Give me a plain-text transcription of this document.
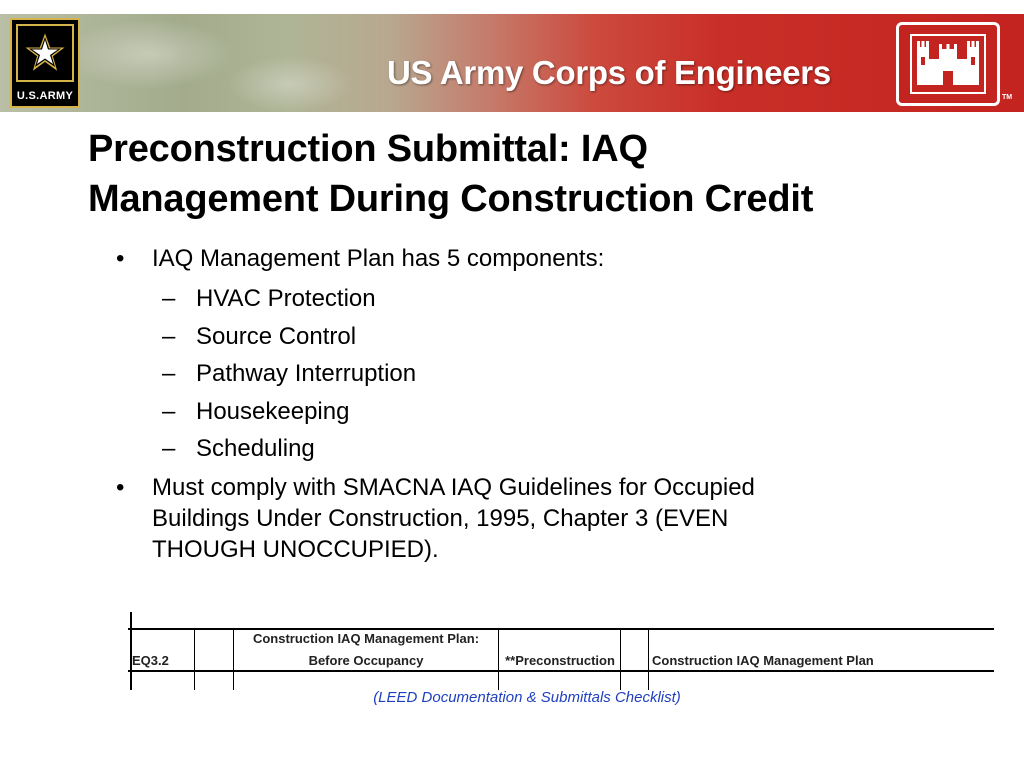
U.S.ARMY
US Army Corps of Engineers
TM
Preconstruction Submittal: IAQ
Management During Construction Credit
• IAQ Management Plan has 5 components:
– HVAC Protection
– Source Control
– Pathway Interruption
– Housekeeping
– Scheduling
• Must comply with SMACNA IAQ Guidelines for Occupied
Buildings Under Construction, 1995, Chapter 3 (EVEN
THOUGH UNOCCUPIED).
EQ3.2
Construction IAQ Management Plan:
Before Occupancy	**Preconstruction	Construction IAQ Management Plan
(LEED Documentation & Submittals Checklist)
